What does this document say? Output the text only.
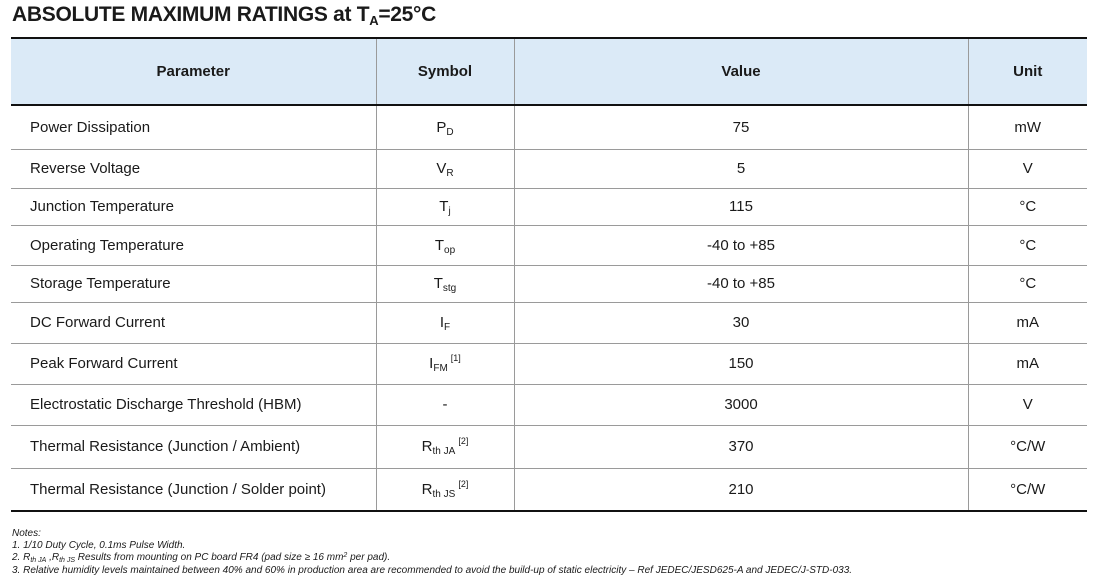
ABSOLUTE MAXIMUM RATINGS at TA=25°C
Parameter	Symbol	Value	Unit
Power Dissipation	$P_D$	75	mW
Reverse Voltage	$V_R$	5	V
Junction Temperature	$T_j$	115	°C
Operating Temperature	$T_{op}$	-40 to +85	°C
Storage Temperature	$T_{stg}$	-40 to +85	°C
DC Forward Current	$I_F$	30	mA
Peak Forward Current	$I_{FM}[1]$	150	mA
Electrostatic Discharge Threshold (HBM)	-	3000	V
Thermal Resistance (Junction / Ambient)	$R_{th JA}[2]$	370	°C/W
Thermal Resistance (Junction / Solder point)	$R_{th JS}[2]$	210	°C/W
Notes:
1. 1/10 Duty Cycle, 0.1ms Pulse Width.
2. $R_{th JA}$ $,R_{th JS}$ Results from mounting on PC board FR4 (pad size ≥ 16 $mm^2$ per pad).
3. Relative humidity levels maintained between 40% and 60% in production area are recommended to avoid the build-up of static electricity – Ref JEDEC/JESD625-A and JEDEC/J-STD-033.
